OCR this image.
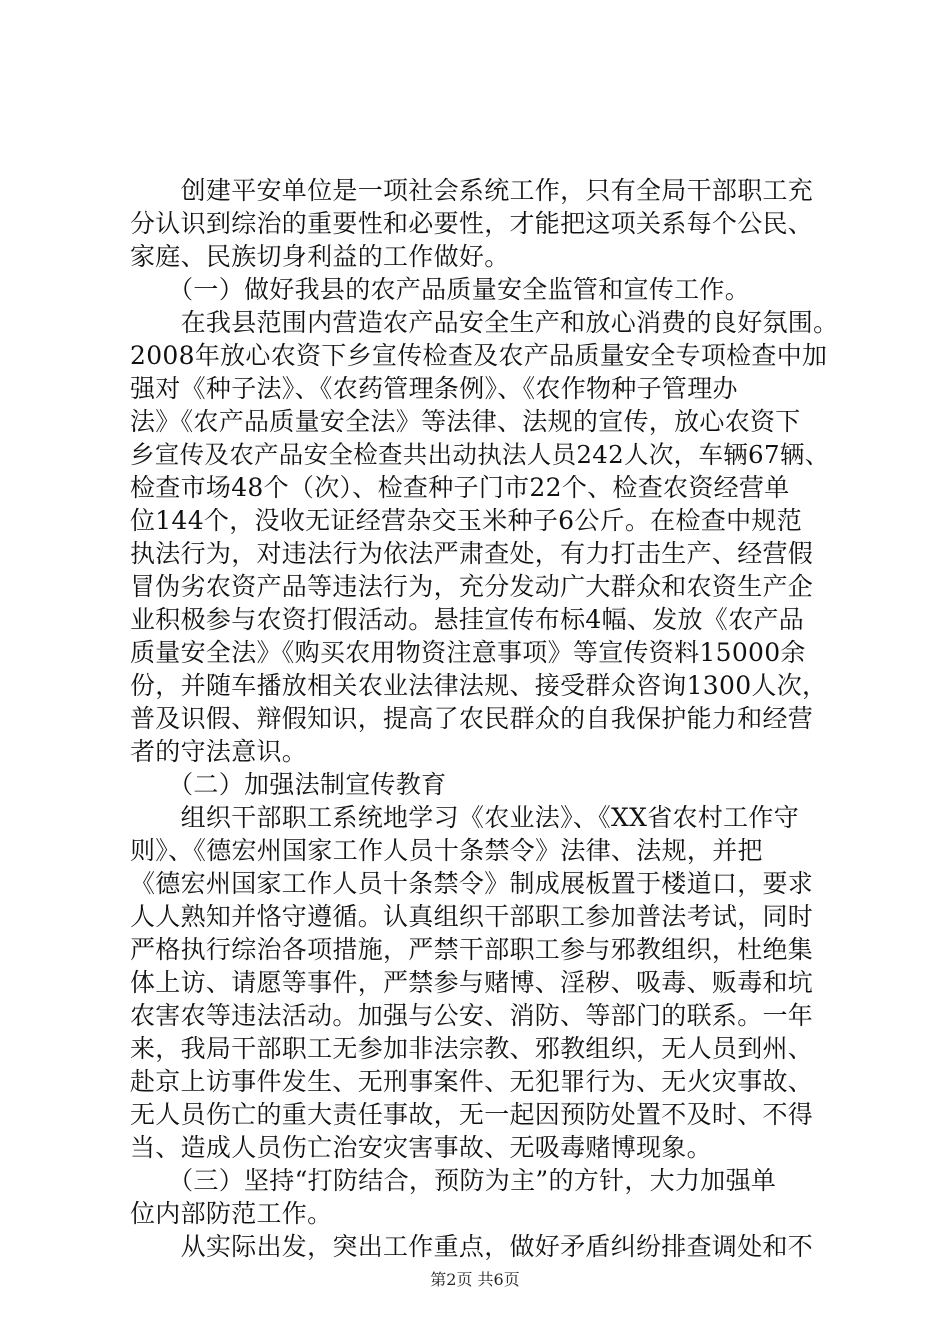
　　创建平安单位是一项社会系统工作，只有全局干部职工充
分认识到综治的重要性和必要性，才能把这项关系每个公民、
家庭、民族切身利益的工作做好。
　　（一）做好我县的农产品质量安全监管和宣传工作。
　　在我县范围内营造农产品安全生产和放心消费的良好氛围。
2008年放心农资下乡宣传检查及农产品质量安全专项检查中加
强对《种子法》、《农药管理条例》、《农作物种子管理办
法》《农产品质量安全法》等法律、法规的宣传，放心农资下
乡宣传及农产品安全检查共出动执法人员242人次，车辆67辆、
检查市场48个（次）、检查种子门市22个、检查农资经营单
位144个，没收无证经营杂交玉米种子6公斤。在检查中规范
执法行为，对违法行为依法严肃查处，有力打击生产、经营假
冒伪劣农资产品等违法行为，充分发动广大群众和农资生产企
业积极参与农资打假活动。悬挂宣传布标4幅、发放《农产品
质量安全法》《购买农用物资注意事项》等宣传资料15000余
份，并随车播放相关农业法律法规、接受群众咨询1300人次，
普及识假、辩假知识，提高了农民群众的自我保护能力和经营
者的守法意识。
　　（二）加强法制宣传教育
　　组织干部职工系统地学习《农业法》、《XX省农村工作守
则》、《德宏州国家工作人员十条禁令》法律、法规，并把
《德宏州国家工作人员十条禁令》制成展板置于楼道口，要求
人人熟知并恪守遵循。认真组织干部职工参加普法考试，同时
严格执行综治各项措施，严禁干部职工参与邪教组织，杜绝集
体上访、请愿等事件，严禁参与赌博、淫秽、吸毒、贩毒和坑
农害农等违法活动。加强与公安、消防、等部门的联系。一年
来，我局干部职工无参加非法宗教、邪教组织，无人员到州、
赴京上访事件发生、无刑事案件、无犯罪行为、无火灾事故、
无人员伤亡的重大责任事故，无一起因预防处置不及时、不得
当、造成人员伤亡治安灾害事故、无吸毒赌博现象。
　　（三）坚持“打防结合，预防为主”的方针，大力加强单
位内部防范工作。
　　从实际出发，突出工作重点，做好矛盾纠纷排查调处和不
第2页 共6页
